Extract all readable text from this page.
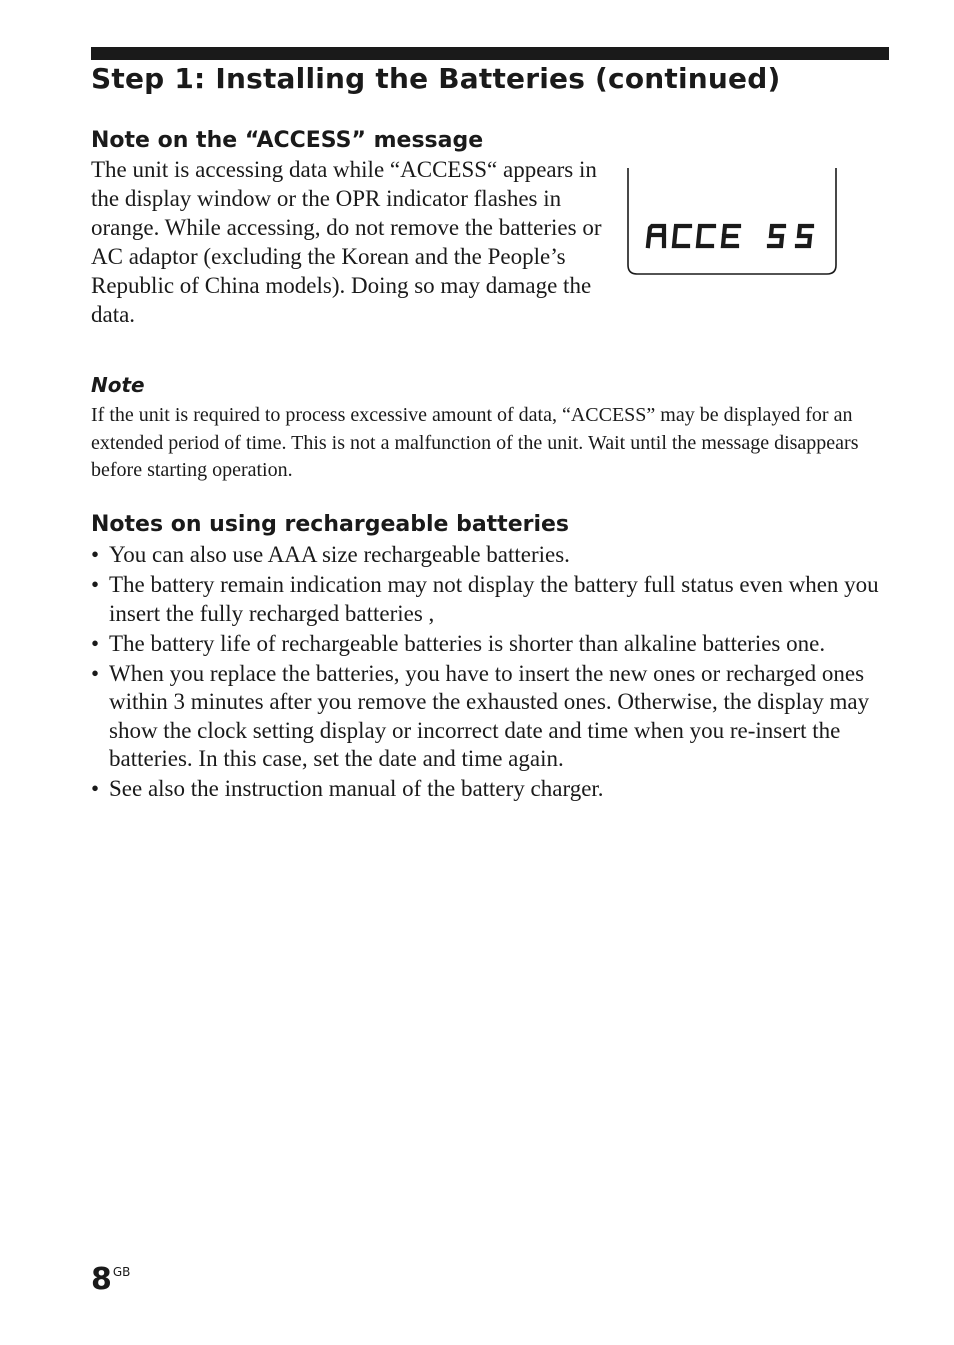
Step 1: Installing the Batteries (continued)
Note on the “ACCESS” message

The unit is accessing data while “ACCESS“ appears in the display window or the OPR indicator flashes in orange. While accessing, do not remove the batteries or AC adaptor (excluding the Korean and the People’s Republic of China models). Doing so may damage the data.

Note

If the unit is required to process excessive amount of data, “ACCESS” may be displayed for an extended period of time. This is not a malfunction of the unit. Wait until the message disappears before starting operation.

Notes on using rechargeable batteries
• You can also use AAA size rechargeable batteries.
• The battery remain indication may not display the battery full status even when you insert the fully recharged batteries ,
• The battery life of rechargeable batteries is shorter than alkaline batteries one.
• When you replace the batteries, you have to insert the new ones or recharged ones within 3 minutes after you remove the exhausted ones. Otherwise, the display may show the clock setting display or incorrect date and time when you re-insert the batteries. In this case, set the date and time again.
• See also the instruction manual of the battery charger.
$8^{GB}$
